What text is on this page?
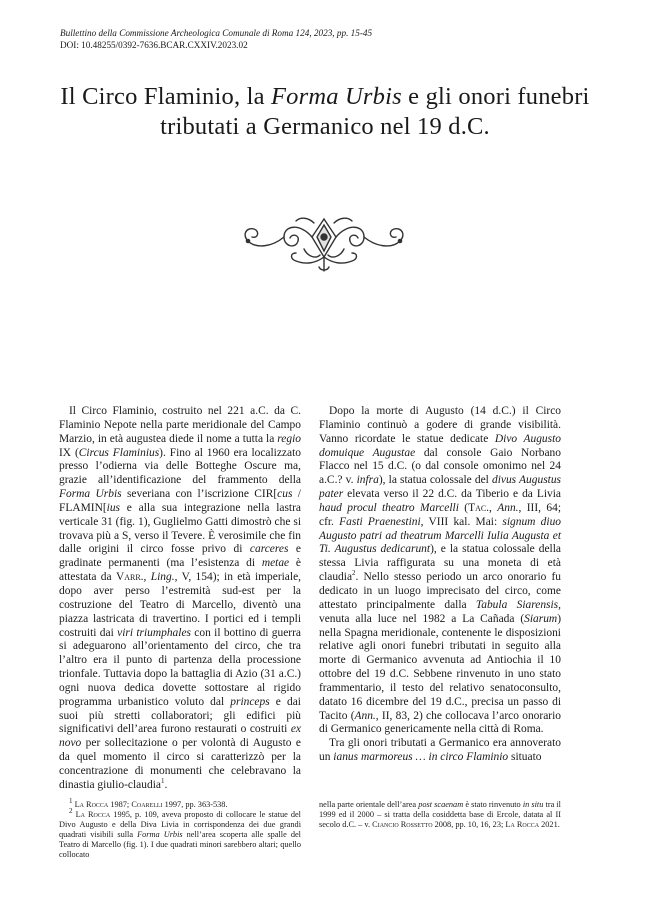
Bullettino della Commissione Archeologica Comunale di Roma 124, 2023, pp. 15-45
DOI: 10.48255/0392-7636.BCAR.CXXIV.2023.02
Il Circo Flaminio, la Forma Urbis e gli onori funebri
tributati a Germanico nel 19 d.C.

Il Circo Flaminio, costruito nel 221 a.C. da C. Flaminio Nepote nella parte meridionale del Campo Marzio, in età augustea diede il nome a tutta la regio IX (Circus Flaminius). Fino al 1960 era localizzato presso l’odierna via delle Botteghe Oscure ma, grazie all’identificazione del frammento della Forma Urbis severiana con l’iscrizione CIR[cus / FLAMIN[ius e alla sua integrazione nella lastra verticale 31 (fig. 1), Guglielmo Gatti dimostrò che si trovava più a S, verso il Tevere. È verosimile che fin dalle origini il circo fosse privo di carceres e gradinate permanenti (ma l’esistenza di metae è attestata da Varr., Ling., V, 154); in età imperiale, dopo aver perso l’estremità sud-est per la costruzione del Teatro di Marcello, diventò una piazza lastricata di travertino. I portici ed i templi costruiti dai viri triumphales con il bottino di guerra si adeguarono all’orientamento del circo, che tra l’altro era il punto di partenza della processione trionfale. Tuttavia dopo la battaglia di Azio (31 a.C.) ogni nuova dedica dovette sottostare al rigido programma urbanistico voluto dal princeps e dai suoi più stretti collaboratori; gli edifici più significativi dell’area furono restaurati o costruiti ex novo per sollecitazione o per volontà di Augusto e da quel momento il circo si caratterizzò per la concentrazione di monumenti che celebravano la dinastia giulio-claudia$^1$.

Dopo la morte di Augusto (14 d.C.) il Circo Flaminio continuò a godere di grande visibilità. Vanno ricordate le statue dedicate Divo Augusto domuique Augustae dal console Gaio Norbano Flacco nel 15 d.C. (o dal console omonimo nel 24 a.C.? v. infra), la statua colossale del divus Augustus pater elevata verso il 22 d.C. da Tiberio e da Livia haud procul theatro Marcelli (Tac., Ann., III, 64; cfr. Fasti Praenestini, VIII kal. Mai: signum diuo Augusto patri ad theatrum Marcelli Iulia Augusta et Ti. Augustus dedicarunt), e la statua colossale della stessa Livia raffigurata su una moneta di età claudia$^2$. Nello stesso periodo un arco onorario fu dedicato in un luogo imprecisato del circo, come attestato principalmente dalla Tabula Siarensis, venuta alla luce nel 1982 a La Cañada (Siarum) nella Spagna meridionale, contenente le disposizioni relative agli onori funebri tributati in seguito alla morte di Germanico avvenuta ad Antiochia il 10 ottobre del 19 d.C. Sebbene rinvenuto in uno stato frammentario, il testo del relativo senatoconsulto, datato 16 dicembre del 19 d.C., precisa un passo di Tacito (Ann., II, 83, 2) che collocava l’arco onorario di Germanico genericamente nella città di Roma.

Tra gli onori tributati a Germanico era annoverato un ianus marmoreus … in circo Flaminio situato

$^1$ La Rocca 1987; Coarelli 1997, pp. 363-538.

$^2$ La Rocca 1995, p. 109, aveva proposto di collocare le statue del Divo Augusto e della Diva Livia in corrispondenza dei due grandi quadrati visibili sulla Forma Urbis nell’area scoperta alle spalle del Teatro di Marcello (fig. 1). I due quadrati minori sarebbero altari; quello collocato

nella parte orientale dell’area post scaenam è stato rinvenuto in situ tra il 1999 ed il 2000 – si tratta della cosiddetta base di Ercole, datata al II secolo d.C. – v. Ciancio Rossetto 2008, pp. 10, 16, 23; La Rocca 2021.
